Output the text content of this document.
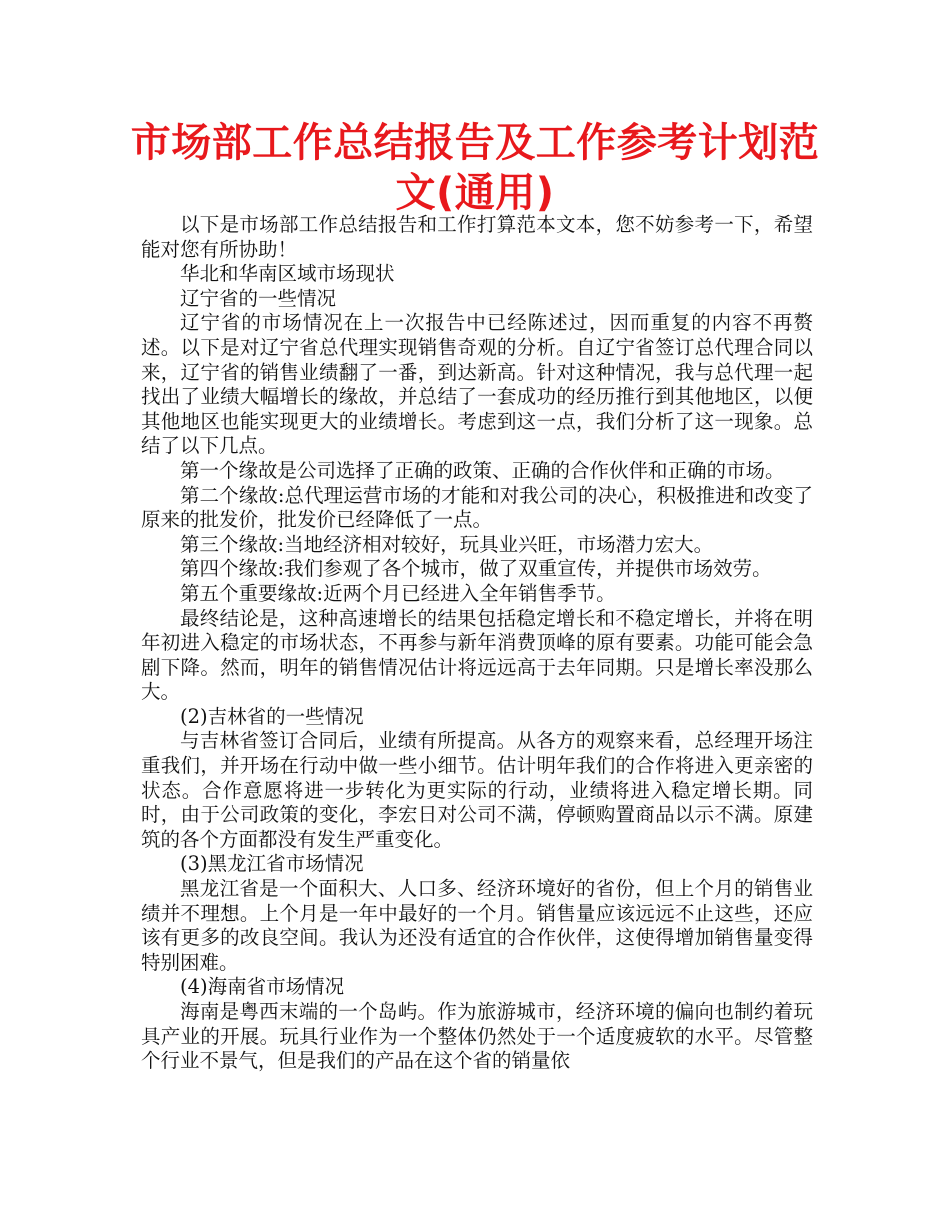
市场部工作总结报告及工作参考计划范文(通用)

以下是市场部工作总结报告和工作打算范本文本，您不妨参考一下，希望能对您有所协助！

华北和华南区域市场现状

辽宁省的一些情况

辽宁省的市场情况在上一次报告中已经陈述过，因而重复的内容不再赘述。以下是对辽宁省总代理实现销售奇观的分析。自辽宁省签订总代理合同以来，辽宁省的销售业绩翻了一番，到达新高。针对这种情况，我与总代理一起找出了业绩大幅增长的缘故，并总结了一套成功的经历推行到其他地区，以便其他地区也能实现更大的业绩增长。考虑到这一点，我们分析了这一现象。总结了以下几点。

第一个缘故是公司选择了正确的政策、正确的合作伙伴和正确的市场。

第二个缘故:总代理运营市场的才能和对我公司的决心，积极推进和改变了原来的批发价，批发价已经降低了一点。

第三个缘故:当地经济相对较好，玩具业兴旺，市场潜力宏大。

第四个缘故:我们参观了各个城市，做了双重宣传，并提供市场效劳。

第五个重要缘故:近两个月已经进入全年销售季节。

最终结论是，这种高速增长的结果包括稳定增长和不稳定增长，并将在明年初进入稳定的市场状态，不再参与新年消费顶峰的原有要素。功能可能会急剧下降。然而，明年的销售情况估计将远远高于去年同期。只是增长率没那么大。

(2)吉林省的一些情况

与吉林省签订合同后，业绩有所提高。从各方的观察来看，总经理开场注重我们，并开场在行动中做一些小细节。估计明年我们的合作将进入更亲密的状态。合作意愿将进一步转化为更实际的行动，业绩将进入稳定增长期。同时，由于公司政策的变化，李宏日对公司不满，停顿购置商品以示不满。原建筑的各个方面都没有发生严重变化。

(3)黑龙江省市场情况

黑龙江省是一个面积大、人口多、经济环境好的省份，但上个月的销售业绩并不理想。上个月是一年中最好的一个月。销售量应该远远不止这些，还应该有更多的改良空间。我认为还没有适宜的合作伙伴，这使得增加销售量变得特别困难。

(4)海南省市场情况

海南是粤西末端的一个岛屿。作为旅游城市，经济环境的偏向也制约着玩具产业的开展。玩具行业作为一个整体仍然处于一个适度疲软的水平。尽管整个行业不景气，但是我们的产品在这个省的销量依
